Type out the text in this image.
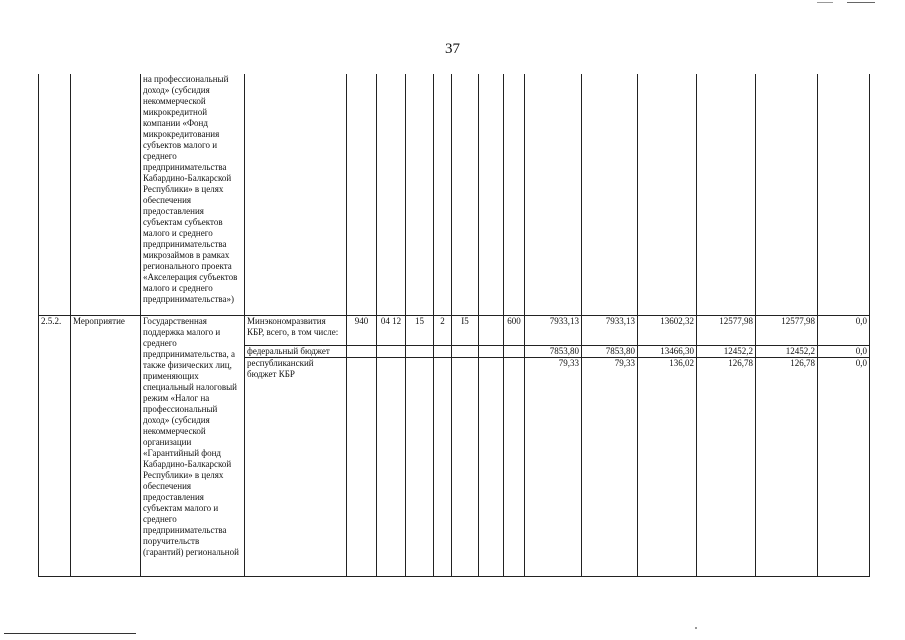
37
		на профессиональный доход» (субсидия некоммерческой микрокредитной компании «Фонд микрокредитования субъектов малого и среднего предпринимательства Кабардино-Балкарской Республики» в целях обеспечения предоставления субъектам субъектов малого и среднего предпринимательства микрозаймов в рамках регионального проекта «Акселерация субъектов малого и среднего предпринимательства»)														
2.5.2.	Мероприятие	Государственная поддержка малого и среднего предпринимательства, а также физических лиц, применяющих специальный налоговый режим «Налог на профессиональный доход» (субсидия некоммерческой организации «Гарантийный фонд Кабардино-Балкарской Республики» в целях обеспечения предоставления субъектам малого и среднего предпринимательства поручительств (гарантий) региональной	Минэкономразвития КБР, всего, в том числе:	940	04 12	15	2	I5		600	7933,13	7933,13	13602,32	12577,98	12577,98	0,0
			федеральный бюджет								7853,80	7853,80	13466,30	12452,2	12452,2	0,0
			республиканский бюджет КБР								79,33	79,33	136,02	126,78	126,78	0,0
